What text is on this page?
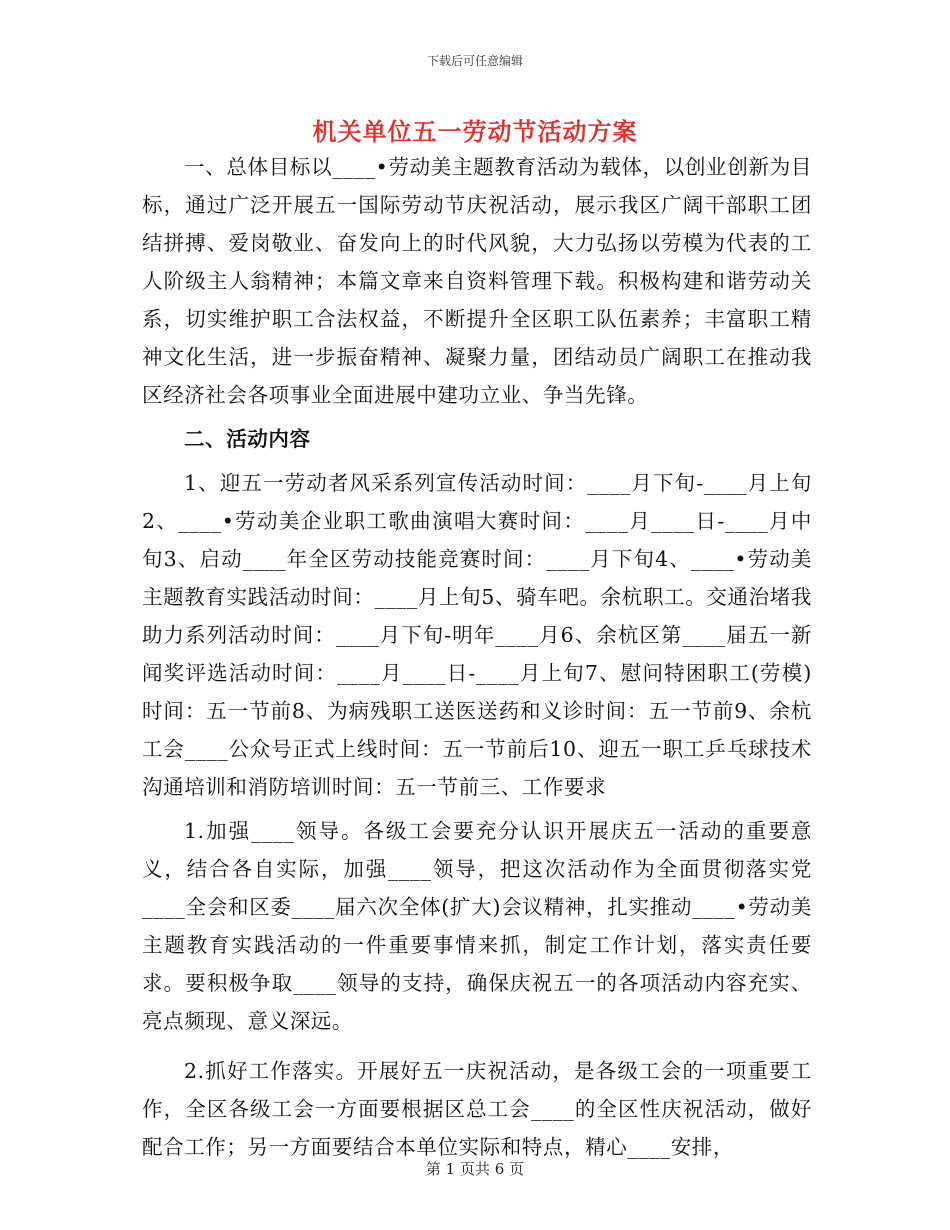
下载后可任意编辑
机关单位五一劳动节活动方案

一、总体目标以____•劳动美主题教育活动为载体，以创业创新为目标，通过广泛开展五一国际劳动节庆祝活动，展示我区广阔干部职工团结拼搏、爱岗敬业、奋发向上的时代风貌，大力弘扬以劳模为代表的工人阶级主人翁精神；本篇文章来自资料管理下载。积极构建和谐劳动关系，切实维护职工合法权益，不断提升全区职工队伍素养；丰富职工精神文化生活，进一步振奋精神、凝聚力量，团结动员广阔职工在推动我区经济社会各项事业全面进展中建功立业、争当先锋。

二、活动内容

1、迎五一劳动者风采系列宣传活动时间：____月下旬-____月上旬2、____•劳动美企业职工歌曲演唱大赛时间：____月____日-____月中旬3、启动____年全区劳动技能竞赛时间：____月下旬4、____•劳动美主题教育实践活动时间：____月上旬5、骑车吧。余杭职工。交通治堵我助力系列活动时间：____月下旬-明年____月6、余杭区第____届五一新闻奖评选活动时间：____月____日-____月上旬7、慰问特困职工(劳模)时间：五一节前8、为病残职工送医送药和义诊时间：五一节前9、余杭工会____公众号正式上线时间：五一节前后10、迎五一职工乒乓球技术沟通培训和消防培训时间：五一节前三、工作要求

1.加强____领导。各级工会要充分认识开展庆五一活动的重要意义，结合各自实际，加强____领导，把这次活动作为全面贯彻落实党____全会和区委____届六次全体(扩大)会议精神，扎实推动____•劳动美主题教育实践活动的一件重要事情来抓，制定工作计划，落实责任要求。要积极争取____领导的支持，确保庆祝五一的各项活动内容充实、亮点频现、意义深远。

2.抓好工作落实。开展好五一庆祝活动，是各级工会的一项重要工作，全区各级工会一方面要根据区总工会____的全区性庆祝活动，做好配合工作；另一方面要结合本单位实际和特点，精心____安排，

第 1 页共 6 页
